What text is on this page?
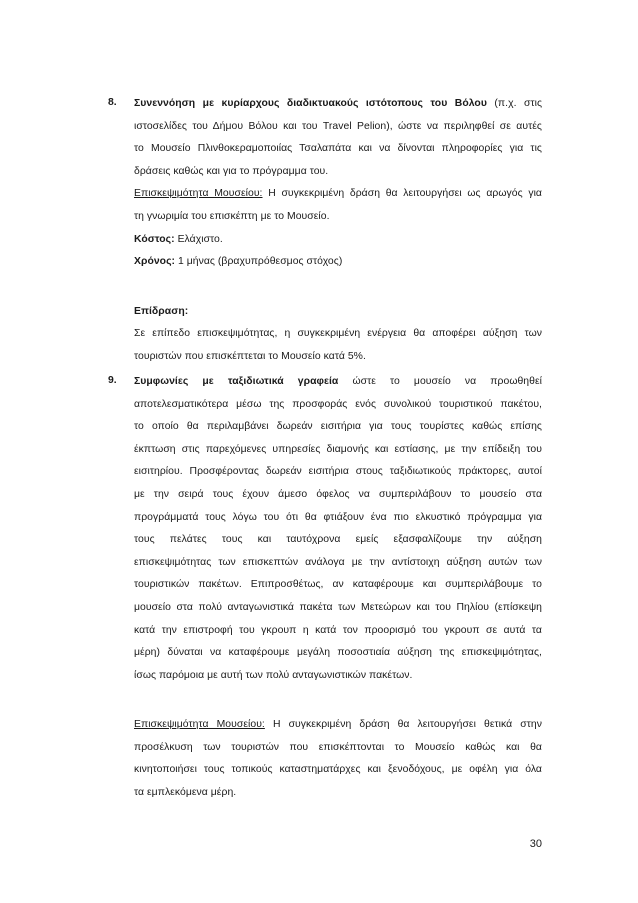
8. Συνεννόηση με κυρίαρχους διαδικτυακούς ιστότοπους του Βόλου (π.χ. στις
ιστοσελίδες του Δήμου Βόλου και του Travel Pelion), ώστε να περιληφθεί σε αυτές
το Μουσείο Πλινθοκεραμοποιίας Τσαλαπάτα και να δίνονται πληροφορίες για τις
δράσεις καθώς και για το πρόγραμμα του.
Επισκεψιμότητα Μουσείου: Η συγκεκριμένη δράση θα λειτουργήσει ως αρωγός για
τη γνωριμία του επισκέπτη με το Μουσείο.
Κόστος: Ελάχιστο.
Χρόνος: 1 μήνας (βραχυπρόθεσμος στόχος)
Επίδραση:
Σε επίπεδο επισκεψιμότητας, η συγκεκριμένη ενέργεια θα αποφέρει αύξηση των
τουριστών που επισκέπτεται το Μουσείο κατά 5%.
9. Συμφωνίες με ταξιδιωτικά γραφεία ώστε το μουσείο να προωθηθεί
αποτελεσματικότερα μέσω της προσφοράς ενός συνολικού τουριστικού πακέτου,
το οποίο θα περιλαμβάνει δωρεάν εισιτήρια για τους τουρίστες καθώς επίσης
έκπτωση στις παρεχόμενες υπηρεσίες διαμονής και εστίασης, με την επίδειξη του
εισιτηρίου. Προσφέροντας δωρεάν εισιτήρια στους ταξιδιωτικούς πράκτορες, αυτοί
με την σειρά τους έχουν άμεσο όφελος να συμπεριλάβουν το μουσείο στα
προγράμματά τους λόγω του ότι θα φτιάξουν ένα πιο ελκυστικό πρόγραμμα για
τους πελάτες τους και ταυτόχρονα εμείς εξασφαλίζουμε την αύξηση
επισκεψιμότητας των επισκεπτών ανάλογα με την αντίστοιχη αύξηση αυτών των
τουριστικών πακέτων. Επιπροσθέτως, αν καταφέρουμε και συμπεριλάβουμε το
μουσείο στα πολύ ανταγωνιστικά πακέτα των Μετεώρων και του Πηλίου (επίσκεψη
κατά την επιστροφή του γκρουπ η κατά τον προορισμό του γκρουπ σε αυτά τα
μέρη) δύναται να καταφέρουμε μεγάλη ποσοστιαία αύξηση της επισκεψιμότητας,
ίσως παρόμοια με αυτή των πολύ ανταγωνιστικών πακέτων.
Επισκεψιμότητα Μουσείου: Η συγκεκριμένη δράση θα λειτουργήσει θετικά στην
προσέλκυση των τουριστών που επισκέπτονται το Μουσείο καθώς και θα
κινητοποιήσει τους τοπικούς καταστηματάρχες και ξενοδόχους, με οφέλη για όλα
τα εμπλεκόμενα μέρη.
30
